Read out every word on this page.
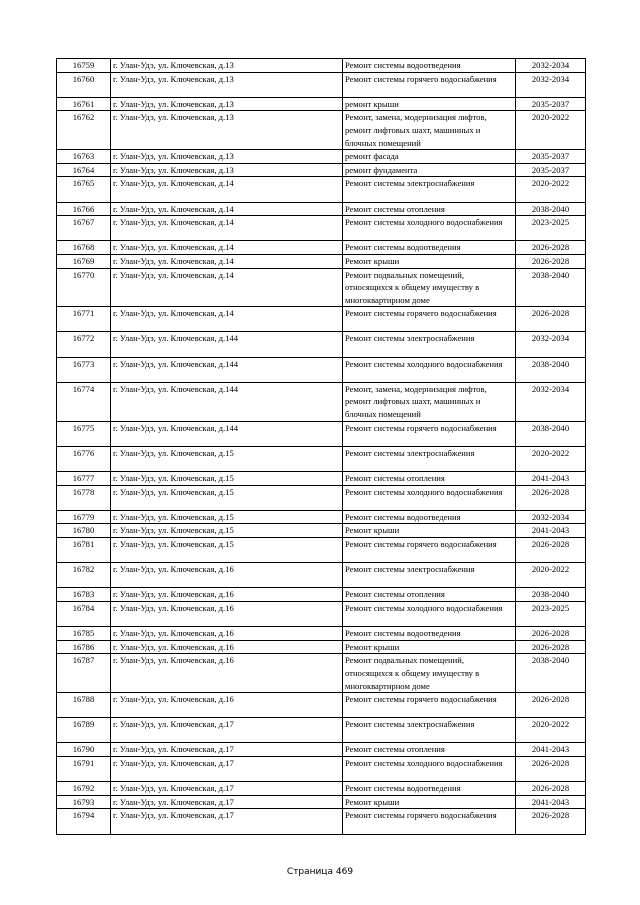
16759	г. Улан-Удэ, ул. Ключевская, д.13	Ремонт системы водоотведения	2032-2034
16760	г. Улан-Удэ, ул. Ключевская, д.13	Ремонт системы горячего водоснабжения	2032-2034
16761	г. Улан-Удэ, ул. Ключевская, д.13	ремонт крыши	2035-2037
16762	г. Улан-Удэ, ул. Ключевская, д.13	Ремонт, замена, модернизация лифтов, ремонт лифтовых шахт, машинных и блочных помещений	2020-2022
16763	г. Улан-Удэ, ул. Ключевская, д.13	ремонт фасада	2035-2037
16764	г. Улан-Удэ, ул. Ключевская, д.13	ремонт фундамента	2035-2037
16765	г. Улан-Удэ, ул. Ключевская, д.14	Ремонт системы электроснабжения	2020-2022
16766	г. Улан-Удэ, ул. Ключевская, д.14	Ремонт системы отопления	2038-2040
16767	г. Улан-Удэ, ул. Ключевская, д.14	Ремонт системы холодного водоснабжения	2023-2025
16768	г. Улан-Удэ, ул. Ключевская, д.14	Ремонт системы водоотведения	2026-2028
16769	г. Улан-Удэ, ул. Ключевская, д.14	Ремонт крыши	2026-2028
16770	г. Улан-Удэ, ул. Ключевская, д.14	Ремонт подвальных помещений, относящихся к общему имуществу в многоквартирном доме	2038-2040
16771	г. Улан-Удэ, ул. Ключевская, д.14	Ремонт системы горячего водоснабжения	2026-2028
16772	г. Улан-Удэ, ул. Ключевская, д.144	Ремонт системы электроснабжения	2032-2034
16773	г. Улан-Удэ, ул. Ключевская, д.144	Ремонт системы холодного водоснабжения	2038-2040
16774	г. Улан-Удэ, ул. Ключевская, д.144	Ремонт, замена, модернизация лифтов, ремонт лифтовых шахт, машинных и блочных помещений	2032-2034
16775	г. Улан-Удэ, ул. Ключевская, д.144	Ремонт системы горячего водоснабжения	2038-2040
16776	г. Улан-Удэ, ул. Ключевская, д.15	Ремонт системы электроснабжения	2020-2022
16777	г. Улан-Удэ, ул. Ключевская, д.15	Ремонт системы отопления	2041-2043
16778	г. Улан-Удэ, ул. Ключевская, д.15	Ремонт системы холодного водоснабжения	2026-2028
16779	г. Улан-Удэ, ул. Ключевская, д.15	Ремонт системы водоотведения	2032-2034
16780	г. Улан-Удэ, ул. Ключевская, д.15	Ремонт крыши	2041-2043
16781	г. Улан-Удэ, ул. Ключевская, д.15	Ремонт системы горячего водоснабжения	2026-2028
16782	г. Улан-Удэ, ул. Ключевская, д.16	Ремонт системы электроснабжения	2020-2022
16783	г. Улан-Удэ, ул. Ключевская, д.16	Ремонт системы отопления	2038-2040
16784	г. Улан-Удэ, ул. Ключевская, д.16	Ремонт системы холодного водоснабжения	2023-2025
16785	г. Улан-Удэ, ул. Ключевская, д.16	Ремонт системы водоотведения	2026-2028
16786	г. Улан-Удэ, ул. Ключевская, д.16	Ремонт крыши	2026-2028
16787	г. Улан-Удэ, ул. Ключевская, д.16	Ремонт подвальных помещений, относящихся к общему имуществу в многоквартирном доме	2038-2040
16788	г. Улан-Удэ, ул. Ключевская, д.16	Ремонт системы горячего водоснабжения	2026-2028
16789	г. Улан-Удэ, ул. Ключевская, д.17	Ремонт системы электроснабжения	2020-2022
16790	г. Улан-Удэ, ул. Ключевская, д.17	Ремонт системы отопления	2041-2043
16791	г. Улан-Удэ, ул. Ключевская, д.17	Ремонт системы холодного водоснабжения	2026-2028
16792	г. Улан-Удэ, ул. Ключевская, д.17	Ремонт системы водоотведения	2026-2028
16793	г. Улан-Удэ, ул. Ключевская, д.17	Ремонт крыши	2041-2043
16794	г. Улан-Удэ, ул. Ключевская, д.17	Ремонт системы горячего водоснабжения	2026-2028
Страница 469
